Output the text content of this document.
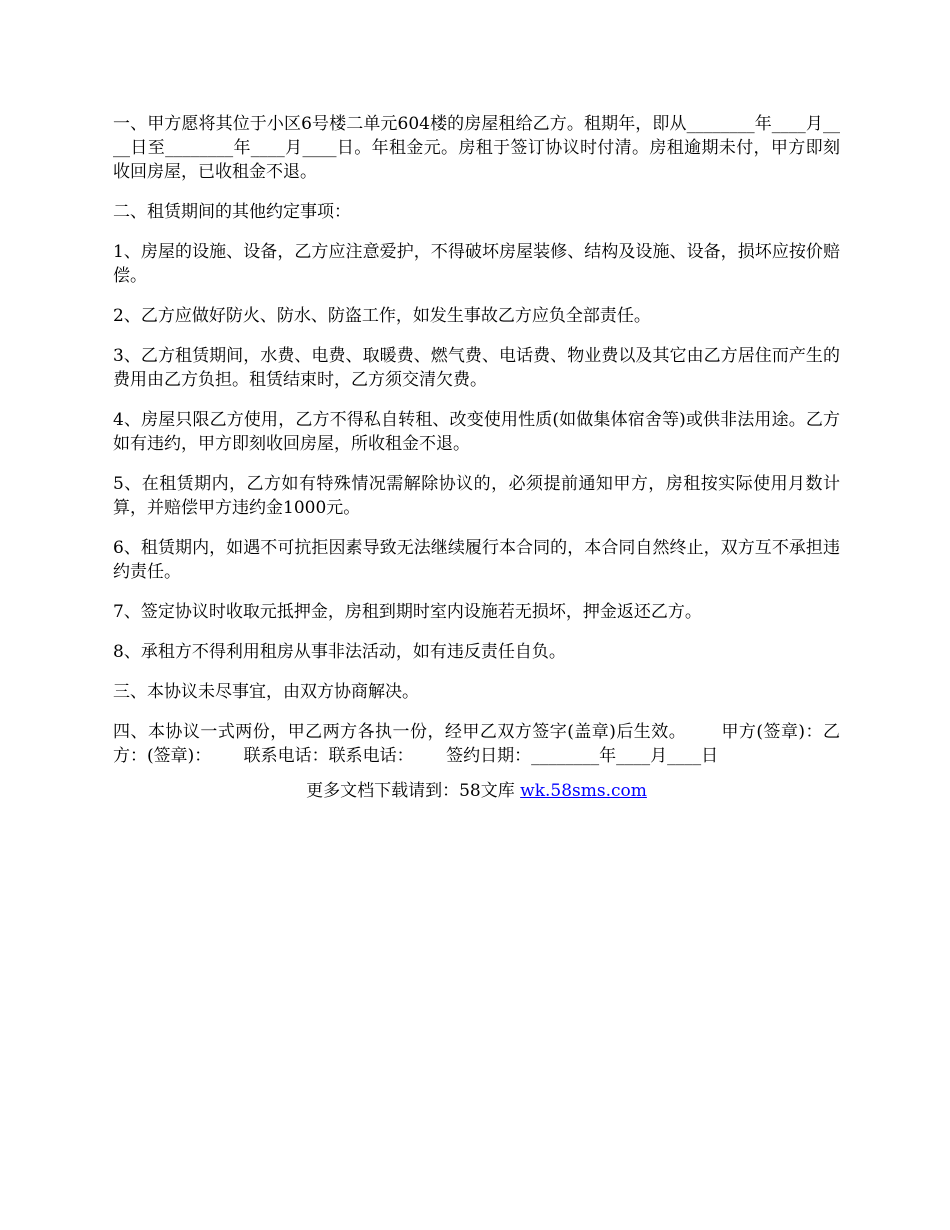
一、甲方愿将其位于小区6号楼二单元604楼的房屋租给乙方。租期年，即从________年____月____日至________年____月____日。年租金元。房租于签订协议时付清。房租逾期未付，甲方即刻收回房屋，已收租金不退。

二、租赁期间的其他约定事项：

1、房屋的设施、设备，乙方应注意爱护，不得破坏房屋装修、结构及设施、设备，损坏应按价赔偿。

2、乙方应做好防火、防水、防盗工作，如发生事故乙方应负全部责任。

3、乙方租赁期间，水费、电费、取暖费、燃气费、电话费、物业费以及其它由乙方居住而产生的费用由乙方负担。租赁结束时，乙方须交清欠费。

4、房屋只限乙方使用，乙方不得私自转租、改变使用性质(如做集体宿舍等)或供非法用途。乙方如有违约，甲方即刻收回房屋，所收租金不退。

5、在租赁期内，乙方如有特殊情况需解除协议的，必须提前通知甲方，房租按实际使用月数计算，并赔偿甲方违约金1000元。

6、租赁期内，如遇不可抗拒因素导致无法继续履行本合同的，本合同自然终止，双方互不承担违约责任。

7、签定协议时收取元抵押金，房租到期时室内设施若无损坏，押金返还乙方。

8、承租方不得利用租房从事非法活动，如有违反责任自负。

三、本协议未尽事宜，由双方协商解决。

四、本协议一式两份，甲乙两方各执一份，经甲乙双方签字(盖章)后生效。      甲方(签章)：乙方：(签章)：      联系电话：联系电话：      签约日期：________年____月____日

更多文档下载请到：58文库 wk.58sms.com
